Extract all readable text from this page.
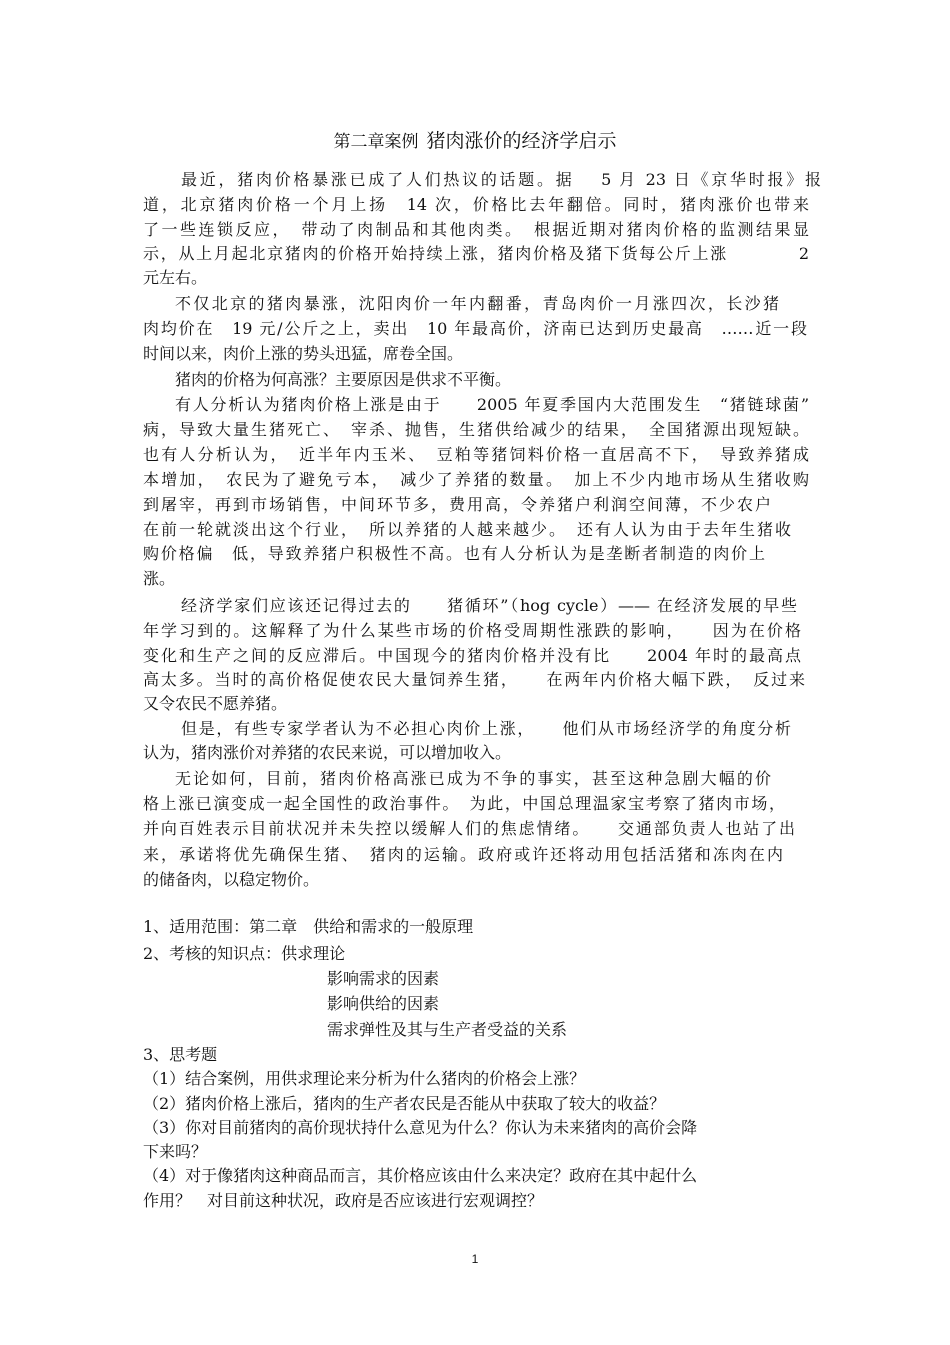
第二章案例 猪肉涨价的经济学启示
最近，猪肉价格暴涨已成了人们热议的话题。据　 5 月 23 日《京华时报》报
道，北京猪肉价格一个月上扬　14 次，价格比去年翻倍。同时，猪肉涨价也带来
了一些连锁反应，　带动了肉制品和其他肉类。　根据近期对猪肉价格的监测结果显
示，从上月起北京猪肉的价格开始持续上涨，猪肉价格及猪下货每公斤上涨　　　　2
元左右。
不仅北京的猪肉暴涨，沈阳肉价一年内翻番，青岛肉价一月涨四次，长沙猪
肉均价在　19 元/公斤之上，卖出　10 年最高价，济南已达到历史最高　……近一段
时间以来，肉价上涨的势头迅猛，席卷全国。
猪肉的价格为何高涨？主要原因是供求不平衡。
有人分析认为猪肉价格上涨是由于　　2005 年夏季国内大范围发生　“猪链球菌”
病，导致大量生猪死亡、　宰杀、抛售，生猪供给减少的结果，　全国猪源出现短缺。
也有人分析认为，　近半年内玉米、　豆粕等猪饲料价格一直居高不下，　导致养猪成
本增加，　农民为了避免亏本，　减少了养猪的数量。　加上不少内地市场从生猪收购
到屠宰，再到市场销售，中间环节多，费用高，令养猪户利润空间薄，不少农户
在前一轮就淡出这个行业，　所以养猪的人越来越少。　还有人认为由于去年生猪收
购价格偏　低，导致养猪户积极性不高。也有人分析认为是垄断者制造的肉价上
涨。
经济学家们应该还记得过去的　　猪循环”（hog cycle）—— 在经济发展的早些
年学习到的。这解释了为什么某些市场的价格受周期性涨跌的影响，　　因为在价格
变化和生产之间的反应滞后。中国现今的猪肉价格并没有比　　2004 年时的最高点
高太多。当时的高价格促使农民大量饲养生猪，　　在两年内价格大幅下跌，　反过来
又令农民不愿养猪。
但是，有些专家学者认为不必担心肉价上涨，　　他们从市场经济学的角度分析
认为，猪肉涨价对养猪的农民来说，可以增加收入。
无论如何，目前，猪肉价格高涨已成为不争的事实，甚至这种急剧大幅的价
格上涨已演变成一起全国性的政治事件。　为此，中国总理温家宝考察了猪肉市场，
并向百姓表示目前状况并未失控以缓解人们的焦虑情绪。　　交通部负责人也站了出
来，承诺将优先确保生猪、　猪肉的运输。政府或许还将动用包括活猪和冻肉在内
的储备肉，以稳定物价。
1、适用范围：第二章　供给和需求的一般原理
2、考核的知识点：供求理论
影响需求的因素
影响供给的因素
需求弹性及其与生产者受益的关系
3、思考题
（1）结合案例，用供求理论来分析为什么猪肉的价格会上涨？
（2）猪肉价格上涨后，猪肉的生产者农民是否能从中获取了较大的收益？
（3）你对目前猪肉的高价现状持什么意见为什么？你认为未来猪肉的高价会降
下来吗？
（4）对于像猪肉这种商品而言，其价格应该由什么来决定？政府在其中起什么
作用？　对目前这种状况，政府是否应该进行宏观调控？
1
